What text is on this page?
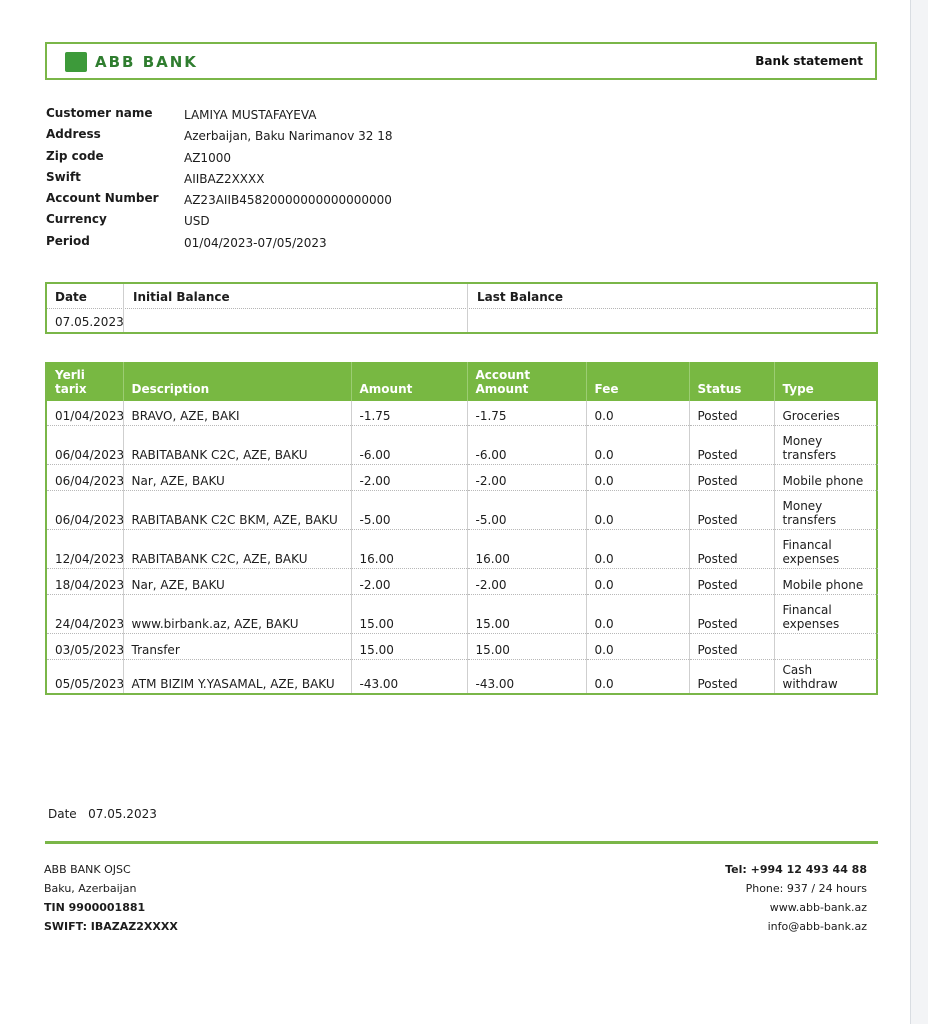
ABB BANK	Bank statement
Customer name	LAMIYA MUSTAFAYEVA
Address	Azerbaijan, Baku Narimanov 32 18
Zip code	AZ1000
Swift	AIIBAZ2XXXX
Account Number AZ23AIIB45820000000000000000
Currency	USD
Period	01/04/2023-07/05/2023
Date	Initial Balance	Last Balance
07.05.2023
Yerli tarix	Description	Amount	Account Amount	Fee	Status	Type
01/04/2023	BRAVO, AZE, BAKI	-1.75	-1.75	0.0	Posted	Groceries
06/04/2023	RABITABANK C2C, AZE, BAKU	-6.00	-6.00	0.0	Posted	Money transfers
06/04/2023	Nar, AZE, BAKU	-2.00	-2.00	0.0	Posted	Mobile phone
06/04/2023	RABITABANK C2C BKM, AZE, BAKU	-5.00	-5.00	0.0	Posted	Money transfers
12/04/2023	RABITABANK C2C, AZE, BAKU	16.00	16.00	0.0	Posted	Financal expenses
18/04/2023	Nar, AZE, BAKU	-2.00	-2.00	0.0	Posted	Mobile phone
24/04/2023	www.birbank.az, AZE, BAKU	15.00	15.00	0.0	Posted	Financal expenses
03/05/2023	Transfer	15.00	15.00	0.0	Posted	
05/05/2023	ATM BIZIM Y.YASAMAL, AZE, BAKU	-43.00	-43.00	0.0	Posted	Cash withdraw
Date 07.05.2023
ABB BANK OJSC
Baku, Azerbaijan
TIN 9900001881
SWIFT: IBAZAZ2XXXX
Tel: +994 12 493 44 88
Phone: 937 / 24 hours
www.abb-bank.az
info@abb-bank.az
